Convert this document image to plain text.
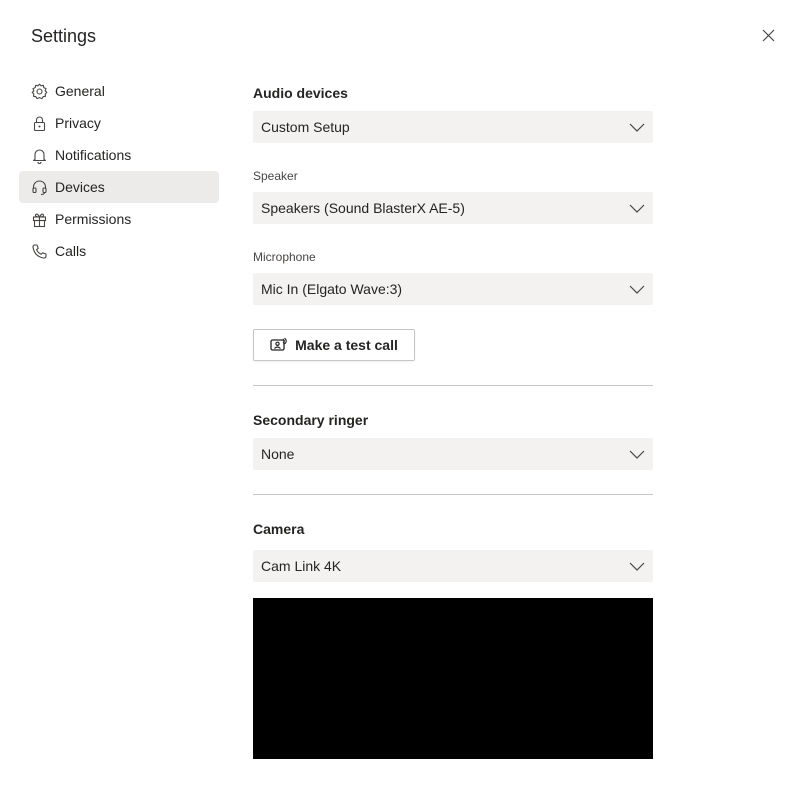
Settings
General
Privacy
Notifications
Devices
Permissions
Calls
Audio devices
Custom Setup
Speaker
Speakers (Sound BlasterX AE-5)
Microphone
Mic In (Elgato Wave:3)
Make a test call
Secondary ringer
None
Camera
Cam Link 4K
